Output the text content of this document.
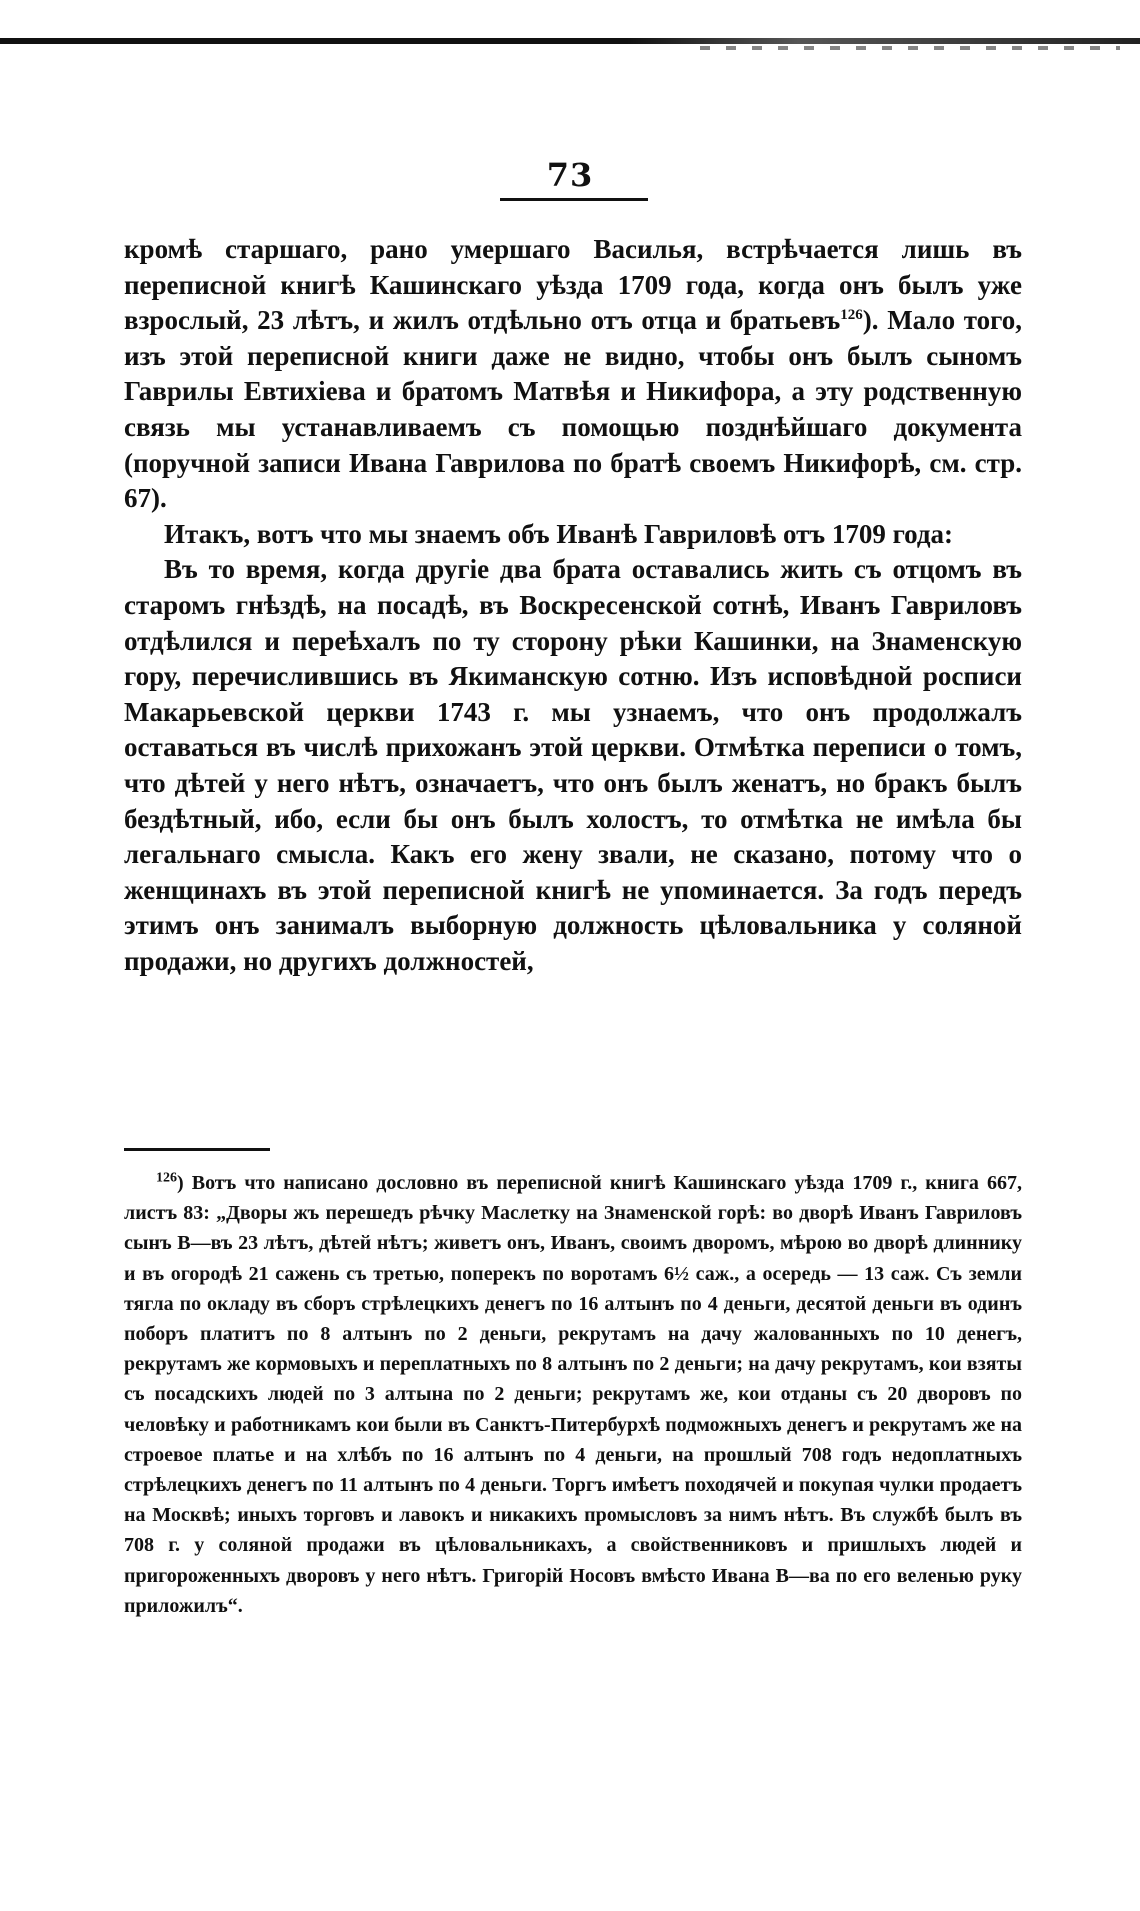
73

кромѣ старшаго, рано умершаго Василья, встрѣчается лишь въ переписной книгѣ Кашинскаго уѣзда 1709 года, когда онъ былъ уже взрослый, 23 лѣтъ, и жилъ отдѣльно отъ отца и братьевъ$^{126}$). Мало того, изъ этой переписной книги даже не видно, чтобы онъ былъ сыномъ Гаврилы Евтихіева и братомъ Матвѣя и Никифора, а эту родственную связь мы устанавливаемъ съ помощью позднѣйшаго документа (поручной записи Ивана Гаврилова по братѣ своемъ Никифорѣ, см. стр. 67).

Итакъ, вотъ что мы знаемъ объ Иванѣ Гавриловѣ отъ 1709 года:

Въ то время, когда другіе два брата оставались жить съ отцомъ въ старомъ гнѣздѣ, на посадѣ, въ Воскресенской сотнѣ, Иванъ Гавриловъ отдѣлился и переѣхалъ по ту сторону рѣки Кашинки, на Знаменскую гору, перечислившись въ Якиманскую сотню. Изъ исповѣдной росписи Макарьевской церкви 1743 г. мы узнаемъ, что онъ продолжалъ оставаться въ числѣ прихожанъ этой церкви. Отмѣтка переписи о томъ, что дѣтей у него нѣтъ, означаетъ, что онъ былъ женатъ, но бракъ былъ бездѣтный, ибо, если бы онъ былъ холостъ, то отмѣтка не имѣла бы легальнаго смысла. Какъ его жену звали, не сказано, потому что о женщинахъ въ этой переписной книгѣ не упоминается. За годъ передъ этимъ онъ занималъ выборную должность цѣловальника у соляной продажи, но другихъ должностей,

$^{126}$) Вотъ что написано дословно въ переписной книгѣ Кашинскаго уѣзда 1709 г., книга 667, листъ 83: „Дворы жъ перешедъ рѣчку Маслетку на Знаменской горѣ: во дворѣ Иванъ Гавриловъ сынъ В—въ 23 лѣтъ, дѣтей нѣтъ; живетъ онъ, Иванъ, своимъ дворомъ, мѣрою во дворѣ длиннику и въ огородѣ 21 сажень съ третью, поперекъ по воротамъ 6½ саж., а осередь — 13 саж. Съ земли тягла по окладу въ сборъ стрѣлецкихъ денегъ по 16 алтынъ по 4 деньги, десятой деньги въ одинъ поборъ платитъ по 8 алтынъ по 2 деньги, рекрутамъ на дачу жалованныхъ по 10 денегъ, рекрутамъ же кормовыхъ и переплатныхъ по 8 алтынъ по 2 деньги; на дачу рекрутамъ, кои взяты съ посадскихъ людей по 3 алтына по 2 деньги; рекрутамъ же, кои отданы съ 20 дворовъ по человѣку и работникамъ кои были въ Санктъ-Питербурхѣ подможныхъ денегъ и рекрутамъ же на строевое платье и на хлѣбъ по 16 алтынъ по 4 деньги, на прошлый 708 годъ недоплатныхъ стрѣлецкихъ денегъ по 11 алтынъ по 4 деньги. Торгъ имѣетъ походячей и покупая чулки продаетъ на Москвѣ; иныхъ торговъ и лавокъ и никакихъ промысловъ за нимъ нѣтъ. Въ службѣ былъ въ 708 г. у соляной продажи въ цѣловальникахъ, а свойственниковъ и пришлыхъ людей и пригороженныхъ дворовъ у него нѣтъ. Григорій Носовъ вмѣсто Ивана В—ва по его веленью руку приложилъ“.
